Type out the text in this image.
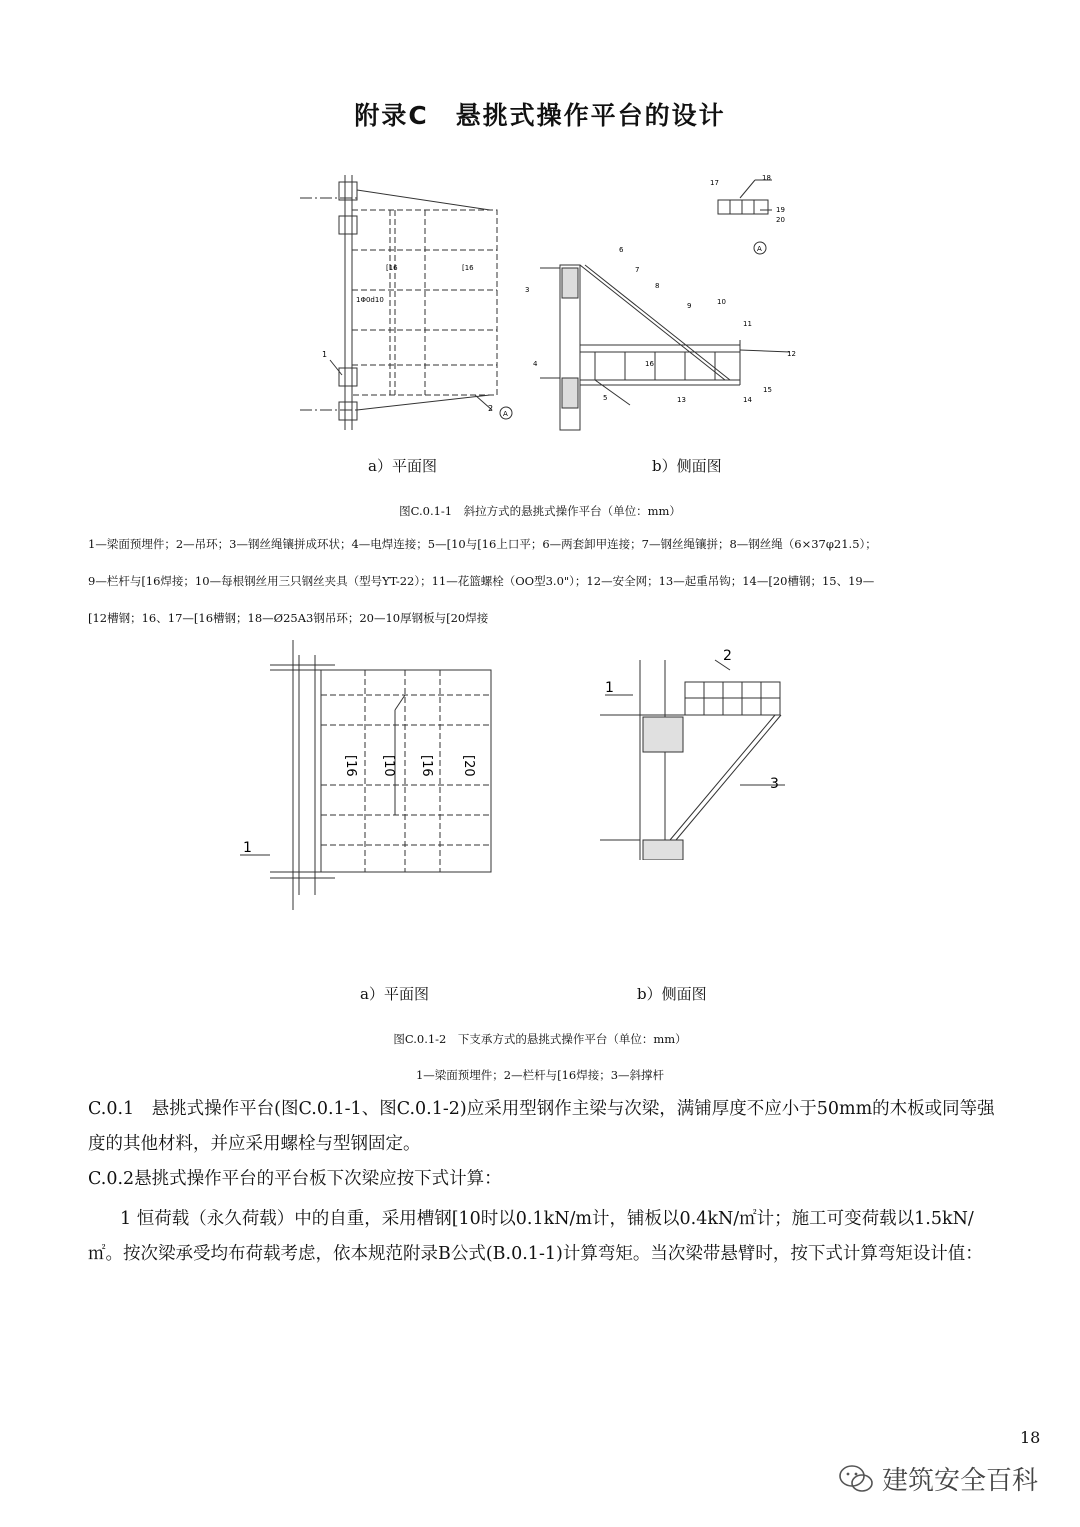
附录C　悬挑式操作平台的设计
1
2
A
1Φ0d10
[16	[16
17
18
19
20
A
3
4
5
6
7
8
9	10
11
12
13	14
15
16
a）平面图	b）侧面图
图C.0.1-1　斜拉方式的悬挑式操作平台（单位：mm）
1—梁面预埋件；2—吊环；3—钢丝绳镶拼成环状；4—电焊连接；5—[10与[16上口平；6—两套卸甲连接；7—钢丝绳镶拼；8—钢丝绳（6×37φ21.5）；
9—栏杆与[16焊接；10—每根钢丝用三只钢丝夹具（型号YT-22）；11—花篮螺栓（OO型3.0"）；12—安全网；13—起重吊钩；14—[20槽钢；15、19—
[12槽钢；16、17—[16槽钢；18—Ø25A3钢吊环；20—10厚钢板与[20焊接
1
[16 [10 [16 [20
1
2
3
a）平面图	b）侧面图
图C.0.1-2　下支承方式的悬挑式操作平台（单位：mm）
1—梁面预埋件；2—栏杆与[16焊接；3—斜撑杆
C.0.1　悬挑式操作平台(图C.0.1-1、图C.0.1-2)应采用型钢作主梁与次梁，满铺厚度不应小于50mm的木板或同等强度的其他材料，并应采用螺栓与型钢固定。
C.0.2悬挑式操作平台的平台板下次梁应按下式计算：
1 恒荷载（永久荷载）中的自重，采用槽钢[10时以0.1kN/m计，铺板以0.4kN/㎡计；施工可变荷载以1.5kN/㎡。按次梁承受均布荷载考虑，依本规范附录B公式(B.0.1-1)计算弯矩。当次梁带悬臂时，按下式计算弯矩设计值：
18
建筑安全百科
